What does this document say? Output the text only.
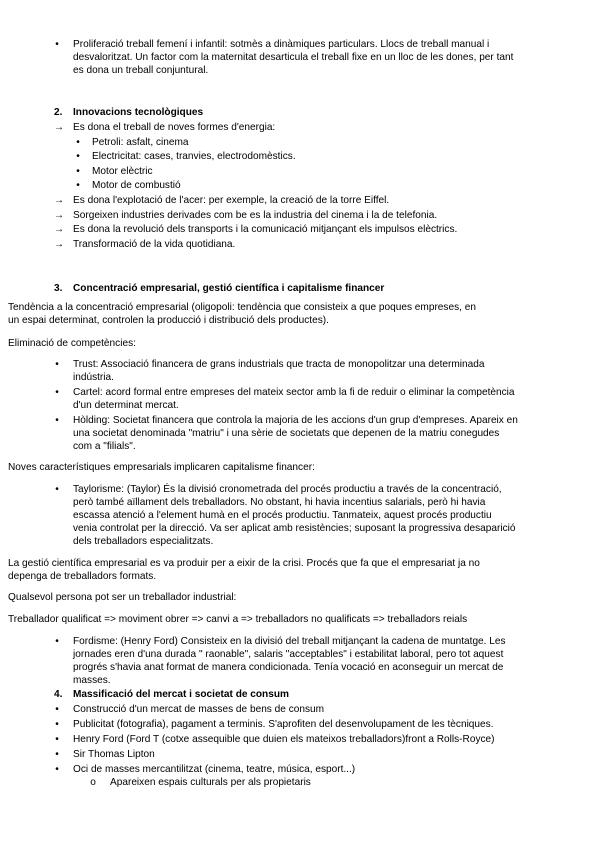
•	Proliferació treball femení i infantil: sotmès a dinàmiques particulars. Llocs de treball manual i
desvaloritzat. Un factor com la maternitat desarticula el treball fixe en un lloc de les dones, per tant
es dona un treball conjuntural.
2. Innovacions tecnològiques
→ Es dona el treball de noves formes d'energia:
•	Petroli: asfalt, cinema
•	Electricitat: cases, tranvies, electrodomèstics.
•	Motor elèctric
•	Motor de combustió
→ Es dona l'explotació de l'acer: per exemple, la creació de la torre Eiffel.
→ Sorgeixen industries derivades com be es la industria del cinema i la de telefonia.
→ Es dona la revolució dels transports i la comunicació mitjançant els impulsos elèctrics.
→ Transformació de la vida quotidiana.
3. Concentració empresarial, gestió científica i capitalisme financer
Tendència a la concentració empresarial (oligopoli: tendència que consisteix a que poques empreses, en
un espai determinat, controlen la producció i distribució dels productes).
Eliminació de competències:
•	Trust: Associació financera de grans industrials que tracta de monopolitzar una determinada
indústria.
•	Cartel: acord formal entre empreses del mateix sector amb la fi de reduir o eliminar la competència
d'un determinat mercat.
•	Hòlding: Societat financera que controla la majoria de les accions d'un grup d'empreses. Apareix en
una societat denominada "matriu" i una sèrie de societats que depenen de la matriu conegudes
com a "filials".
Noves característiques empresarials implicaren capitalisme financer:
•	Taylorisme: (Taylor) És la divisió cronometrada del procés productiu a través de la concentració,
però també aïllament dels treballadors. No obstant, hi havia incentius salarials, però hi havia
escassa atenció a l'element humà en el procés productiu. Tanmateix, aquest procés productiu
venia controlat per la direcció. Va ser aplicat amb resistències; suposant la progressiva desaparició
dels treballadors especialitzats.
La gestió científica empresarial es va produir per a eixir de la crisi. Procés que fa que el empresariat ja no
depenga de treballadors formats.
Qualsevol persona pot ser un treballador industrial:
Treballador qualificat => moviment obrer => canvi a => treballadors no qualificats => treballadors reials
•	Fordisme: (Henry Ford) Consisteix en la divisió del treball mitjançant la cadena de muntatge. Les
jornades eren d'una durada " raonable", salaris "acceptables" i estabilitat laboral, pero tot aquest
progrés s'havia anat format de manera condicionada. Tenía vocació en aconseguir un mercat de
masses.
4. Massificació del mercat i societat de consum
•	Construcció d'un mercat de masses de bens de consum
•	Publicitat (fotografia), pagament a terminis. S'aprofiten del desenvolupament de les tècniques.
•	Henry Ford (Ford T (cotxe assequible que duien els mateixos treballadors)front a Rolls-Royce)
•	Sir Thomas Lipton
•	Oci de masses mercantilitzat (cinema, teatre, música, esport...)
o Apareixen espais culturals per als propietaris
